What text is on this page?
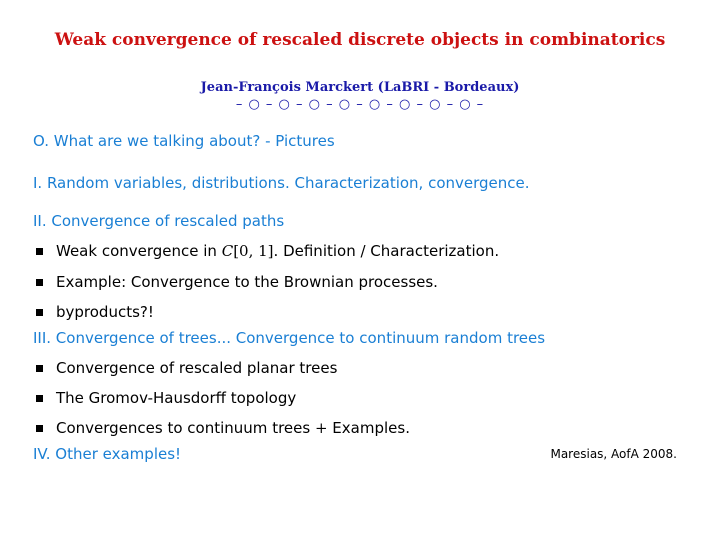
Weak convergence of rescaled discrete objects in combinatorics
Jean-François Marckert (LaBRI - Bordeaux)
– ○ – ○ – ○ – ○ – ○ – ○ – ○ – ○ –
O. What are we talking about? - Pictures
I. Random variables, distributions. Characterization, convergence.
II. Convergence of rescaled paths
Weak convergence in C[0, 1]. Definition / Characterization.
Example: Convergence to the Brownian processes.
byproducts?!
III. Convergence of trees... Convergence to continuum random trees
Convergence of rescaled planar trees
The Gromov-Hausdorff topology
Convergences to continuum trees + Examples.
IV. Other examples!	Maresias, AofA 2008.
